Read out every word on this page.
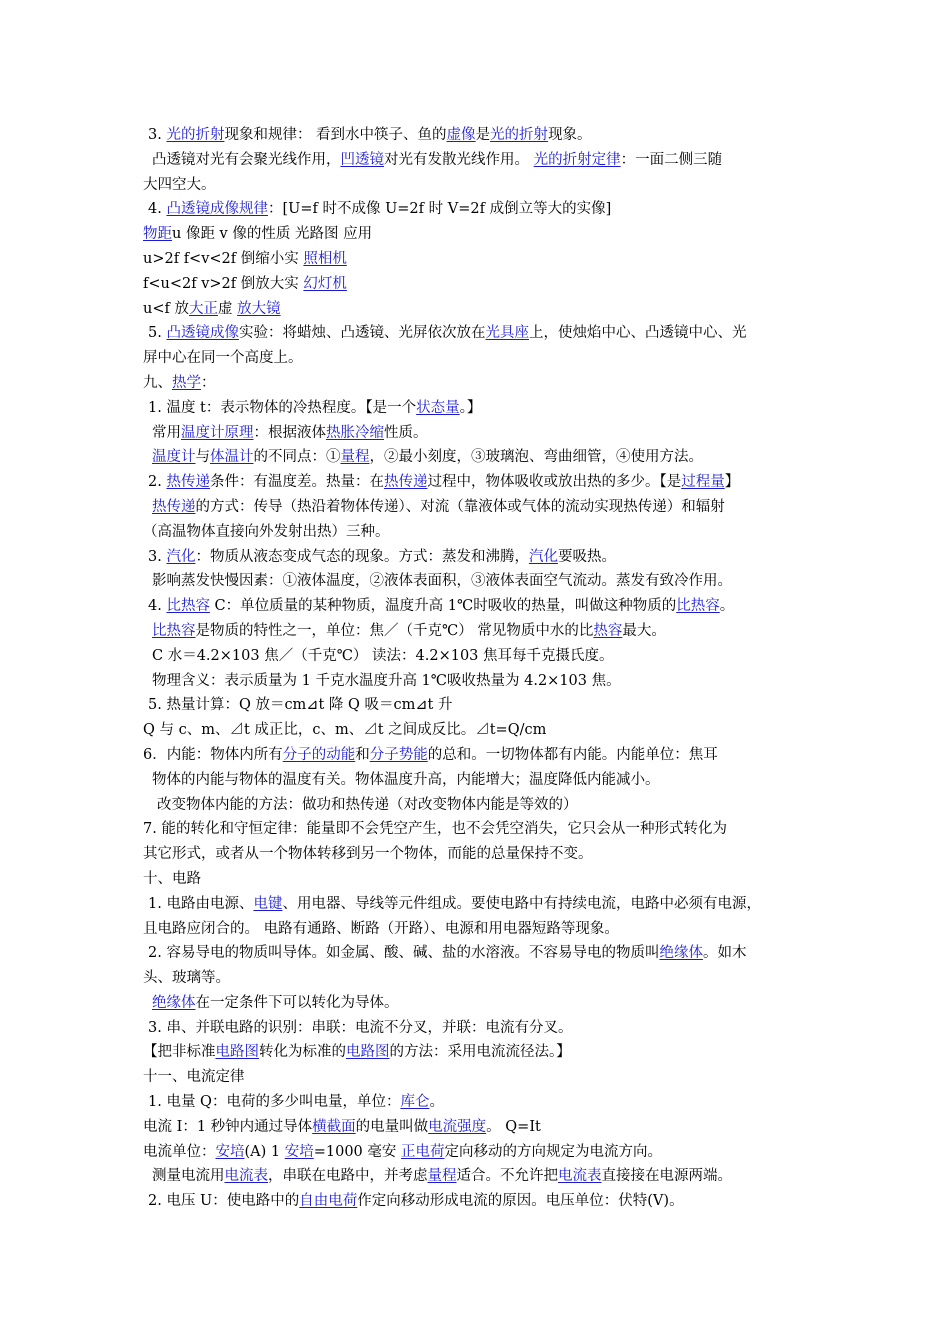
3. 光的折射现象和规律： 看到水中筷子、鱼的虚像是光的折射现象。
凸透镜对光有会聚光线作用，凹透镜对光有发散光线作用。 光的折射定律：一面二侧三随
大四空大。
4. 凸透镜成像规律：[U=f 时不成像 U=2f 时 V=2f 成倒立等大的实像]
物距u 像距 v 像的性质 光路图 应用
u>2f f<v<2f 倒缩小实 照相机
f<u<2f v>2f 倒放大实 幻灯机
u<f 放大正虚 放大镜
5. 凸透镜成像实验：将蜡烛、凸透镜、光屏依次放在光具座上，使烛焰中心、凸透镜中心、光
屏中心在同一个高度上。
九、热学：
1. 温度 t：表示物体的冷热程度。【是一个状态量。】
常用温度计原理：根据液体热胀冷缩性质。
温度计与体温计的不同点：①量程，②最小刻度，③玻璃泡、弯曲细管，④使用方法。
2. 热传递条件：有温度差。热量：在热传递过程中，物体吸收或放出热的多少。【是过程量】
热传递的方式：传导（热沿着物体传递）、对流（靠液体或气体的流动实现热传递）和辐射
（高温物体直接向外发射出热）三种。
3. 汽化：物质从液态变成气态的现象。方式：蒸发和沸腾，汽化要吸热。
影响蒸发快慢因素：①液体温度，②液体表面积，③液体表面空气流动。蒸发有致冷作用。
4. 比热容 C：单位质量的某种物质，温度升高 1℃时吸收的热量，叫做这种物质的比热容。
比热容是物质的特性之一，单位：焦／（千克℃） 常见物质中水的比热容最大。
C 水＝4.2×103 焦／（千克℃） 读法：4.2×103 焦耳每千克摄氏度。
物理含义：表示质量为 1 千克水温度升高 1℃吸收热量为 4.2×103 焦。
5. 热量计算：Q 放＝cm⊿t 降 Q 吸＝cm⊿t 升
Q 与 c、m、⊿t 成正比，c、m、⊿t 之间成反比。⊿t=Q/cm
6．内能：物体内所有分子的动能和分子势能的总和。一切物体都有内能。内能单位：焦耳
物体的内能与物体的温度有关。物体温度升高，内能增大；温度降低内能减小。
改变物体内能的方法：做功和热传递（对改变物体内能是等效的）
7. 能的转化和守恒定律：能量即不会凭空产生，也不会凭空消失，它只会从一种形式转化为
其它形式，或者从一个物体转移到另一个物体，而能的总量保持不变。
十、电路
1. 电路由电源、电键、用电器、导线等元件组成。要使电路中有持续电流，电路中必须有电源，
且电路应闭合的。 电路有通路、断路（开路）、电源和用电器短路等现象。
2. 容易导电的物质叫导体。如金属、酸、碱、盐的水溶液。不容易导电的物质叫绝缘体。如木
头、玻璃等。
绝缘体在一定条件下可以转化为导体。
3. 串、并联电路的识别：串联：电流不分叉，并联：电流有分叉。
【把非标准电路图转化为标准的电路图的方法：采用电流流径法。】
十一、电流定律
1. 电量 Q：电荷的多少叫电量，单位：库仑。
电流 I：1 秒钟内通过导体横截面的电量叫做电流强度。 Q=It
电流单位：安培(A) 1 安培=1000 毫安 正电荷定向移动的方向规定为电流方向。
测量电流用电流表，串联在电路中，并考虑量程适合。不允许把电流表直接接在电源两端。
2. 电压 U：使电路中的自由电荷作定向移动形成电流的原因。电压单位：伏特(V)。
